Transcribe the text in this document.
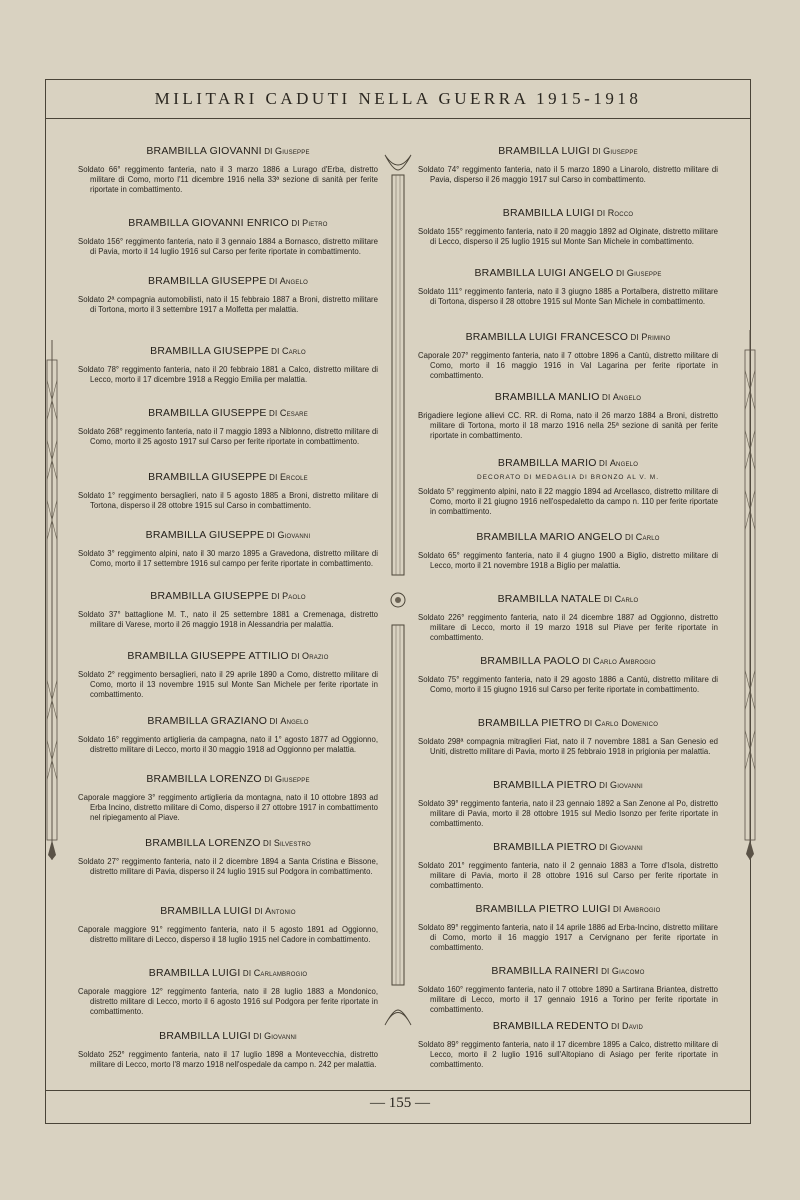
MILITARI CADUTI NELLA GUERRA 1915-1918
BRAMBILLA GIOVANNI DI Giuseppe
Soldato 66° reggimento fanteria, nato il 3 marzo 1886 a Lurago d'Erba, distretto militare di Como, morto l'11 dicembre 1916 nella 33ª sezione di sanità per ferite riportate in combattimento.
BRAMBILLA GIOVANNI ENRICO DI Pietro
Soldato 156° reggimento fanteria, nato il 3 gennaio 1884 a Bornasco, distretto militare di Pavia, morto il 14 luglio 1916 sul Carso per ferite riportate in combattimento.
BRAMBILLA GIUSEPPE DI Angelo
Soldato 2ª compagnia automobilisti, nato il 15 febbraio 1887 a Broni, distretto militare di Tortona, morto il 3 settembre 1917 a Molfetta per malattia.
BRAMBILLA GIUSEPPE DI Carlo
Soldato 78° reggimento fanteria, nato il 20 febbraio 1881 a Calco, distretto militare di Lecco, morto il 17 dicembre 1918 a Reggio Emilia per malattia.
BRAMBILLA GIUSEPPE DI Cesare
Soldato 268° reggimento fanteria, nato il 7 maggio 1893 a Niblonno, distretto militare di Como, morto il 25 agosto 1917 sul Carso per ferite riportate in combattimento.
BRAMBILLA GIUSEPPE DI Ercole
Soldato 1° reggimento bersaglieri, nato il 5 agosto 1885 a Broni, distretto militare di Tortona, disperso il 28 ottobre 1915 sul Carso in combattimento.
BRAMBILLA GIUSEPPE DI Giovanni
Soldato 3° reggimento alpini, nato il 30 marzo 1895 a Gravedona, distretto militare di Como, morto il 17 settembre 1916 sul campo per ferite riportate in combattimento.
BRAMBILLA GIUSEPPE DI Paolo
Soldato 37° battaglione M. T., nato il 25 settembre 1881 a Cremenaga, distretto militare di Varese, morto il 26 maggio 1918 in Alessandria per malattia.
BRAMBILLA GIUSEPPE ATTILIO DI Orazio
Soldato 2° reggimento bersaglieri, nato il 29 aprile 1890 a Como, distretto militare di Como, morto il 13 novembre 1915 sul Monte San Michele per ferite riportate in combattimento.
BRAMBILLA GRAZIANO DI Angelo
Soldato 16° reggimento artiglieria da campagna, nato il 1° agosto 1877 ad Oggionno, distretto militare di Lecco, morto il 30 maggio 1918 ad Oggionno per malattia.
BRAMBILLA LORENZO DI Giuseppe
Caporale maggiore 3° reggimento artiglieria da montagna, nato il 10 ottobre 1893 ad Erba Incino, distretto militare di Como, disperso il 27 ottobre 1917 in combattimento nel ripiegamento al Piave.
BRAMBILLA LORENZO DI Silvestro
Soldato 27° reggimento fanteria, nato il 2 dicembre 1894 a Santa Cristina e Bissone, distretto militare di Pavia, disperso il 24 luglio 1915 sul Podgora in combattimento.
BRAMBILLA LUIGI DI Antonio
Caporale maggiore 91° reggimento fanteria, nato il 5 agosto 1891 ad Oggionno, distretto militare di Lecco, disperso il 18 luglio 1915 nel Cadore in combattimento.
BRAMBILLA LUIGI DI Carlambrogio
Caporale maggiore 12° reggimento fanteria, nato il 28 luglio 1883 a Mondonico, distretto militare di Lecco, morto il 6 agosto 1916 sul Podgora per ferite riportate in combattimento.
BRAMBILLA LUIGI DI Giovanni
Soldato 252° reggimento fanteria, nato il 17 luglio 1898 a Montevecchia, distretto militare di Lecco, morto l'8 marzo 1918 nell'ospedale da campo n. 242 per malattia.
BRAMBILLA LUIGI DI Giuseppe
Soldato 74° reggimento fanteria, nato il 5 marzo 1890 a Linarolo, distretto militare di Pavia, disperso il 26 maggio 1917 sul Carso in combattimento.
BRAMBILLA LUIGI DI Rocco
Soldato 155° reggimento fanteria, nato il 20 maggio 1892 ad Olginate, distretto militare di Lecco, disperso il 25 luglio 1915 sul Monte San Michele in combattimento.
BRAMBILLA LUIGI ANGELO DI Giuseppe
Soldato 111° reggimento fanteria, nato il 3 giugno 1885 a Portalbera, distretto militare di Tortona, disperso il 28 ottobre 1915 sul Monte San Michele in combattimento.
BRAMBILLA LUIGI FRANCESCO DI Primino
Caporale 207° reggimento fanteria, nato il 7 ottobre 1896 a Cantù, distretto militare di Como, morto il 16 maggio 1916 in Val Lagarina per ferite riportate in combattimento.
BRAMBILLA MANLIO DI Angelo
Brigadiere legione allievi CC. RR. di Roma, nato il 26 marzo 1884 a Broni, distretto militare di Tortona, morto il 18 marzo 1916 nella 25ª sezione di sanità per ferite riportate in combattimento.
BRAMBILLA MARIO DI Angelo
DECORATO DI MEDAGLIA DI BRONZO AL V. M.
Soldato 5° reggimento alpini, nato il 22 maggio 1894 ad Arcellasco, distretto militare di Como, morto il 21 giugno 1916 nell'ospedaletto da campo n. 110 per ferite riportate in combattimento.
BRAMBILLA MARIO ANGELO DI Carlo
Soldato 65° reggimento fanteria, nato il 4 giugno 1900 a Biglio, distretto militare di Lecco, morto il 21 novembre 1918 a Biglio per malattia.
BRAMBILLA NATALE DI Carlo
Soldato 226° reggimento fanteria, nato il 24 dicembre 1887 ad Oggionno, distretto militare di Lecco, morto il 19 marzo 1918 sul Piave per ferite riportate in combattimento.
BRAMBILLA PAOLO DI Carlo Ambrogio
Soldato 75° reggimento fanteria, nato il 29 agosto 1886 a Cantù, distretto militare di Como, morto il 15 giugno 1916 sul Carso per ferite riportate in combattimento.
BRAMBILLA PIETRO DI Carlo Domenico
Soldato 298ª compagnia mitraglieri Fiat, nato il 7 novembre 1881 a San Genesio ed Uniti, distretto militare di Pavia, morto il 25 febbraio 1918 in prigionia per malattia.
BRAMBILLA PIETRO DI Giovanni
Soldato 39° reggimento fanteria, nato il 23 gennaio 1892 a San Zenone al Po, distretto militare di Pavia, morto il 28 ottobre 1915 sul Medio Isonzo per ferite riportate in combattimento.
BRAMBILLA PIETRO DI Giovanni
Soldato 201° reggimento fanteria, nato il 2 gennaio 1883 a Torre d'Isola, distretto militare di Pavia, morto il 28 ottobre 1916 sul Carso per ferite riportate in combattimento.
BRAMBILLA PIETRO LUIGI DI Ambrogio
Soldato 89° reggimento fanteria, nato il 14 aprile 1886 ad Erba-Incino, distretto militare di Como, morto il 16 maggio 1917 a Cervignano per ferite riportate in combattimento.
BRAMBILLA RAINERI DI Giacomo
Soldato 160° reggimento fanteria, nato il 7 ottobre 1890 a Sartirana Briantea, distretto militare di Lecco, morto il 17 gennaio 1916 a Torino per ferite riportate in combattimento.
BRAMBILLA REDENTO DI David
Soldato 89° reggimento fanteria, nato il 17 dicembre 1895 a Calco, distretto militare di Lecco, morto il 2 luglio 1916 sull'Altopiano di Asiago per ferite riportate in combattimento.
— 155 —
